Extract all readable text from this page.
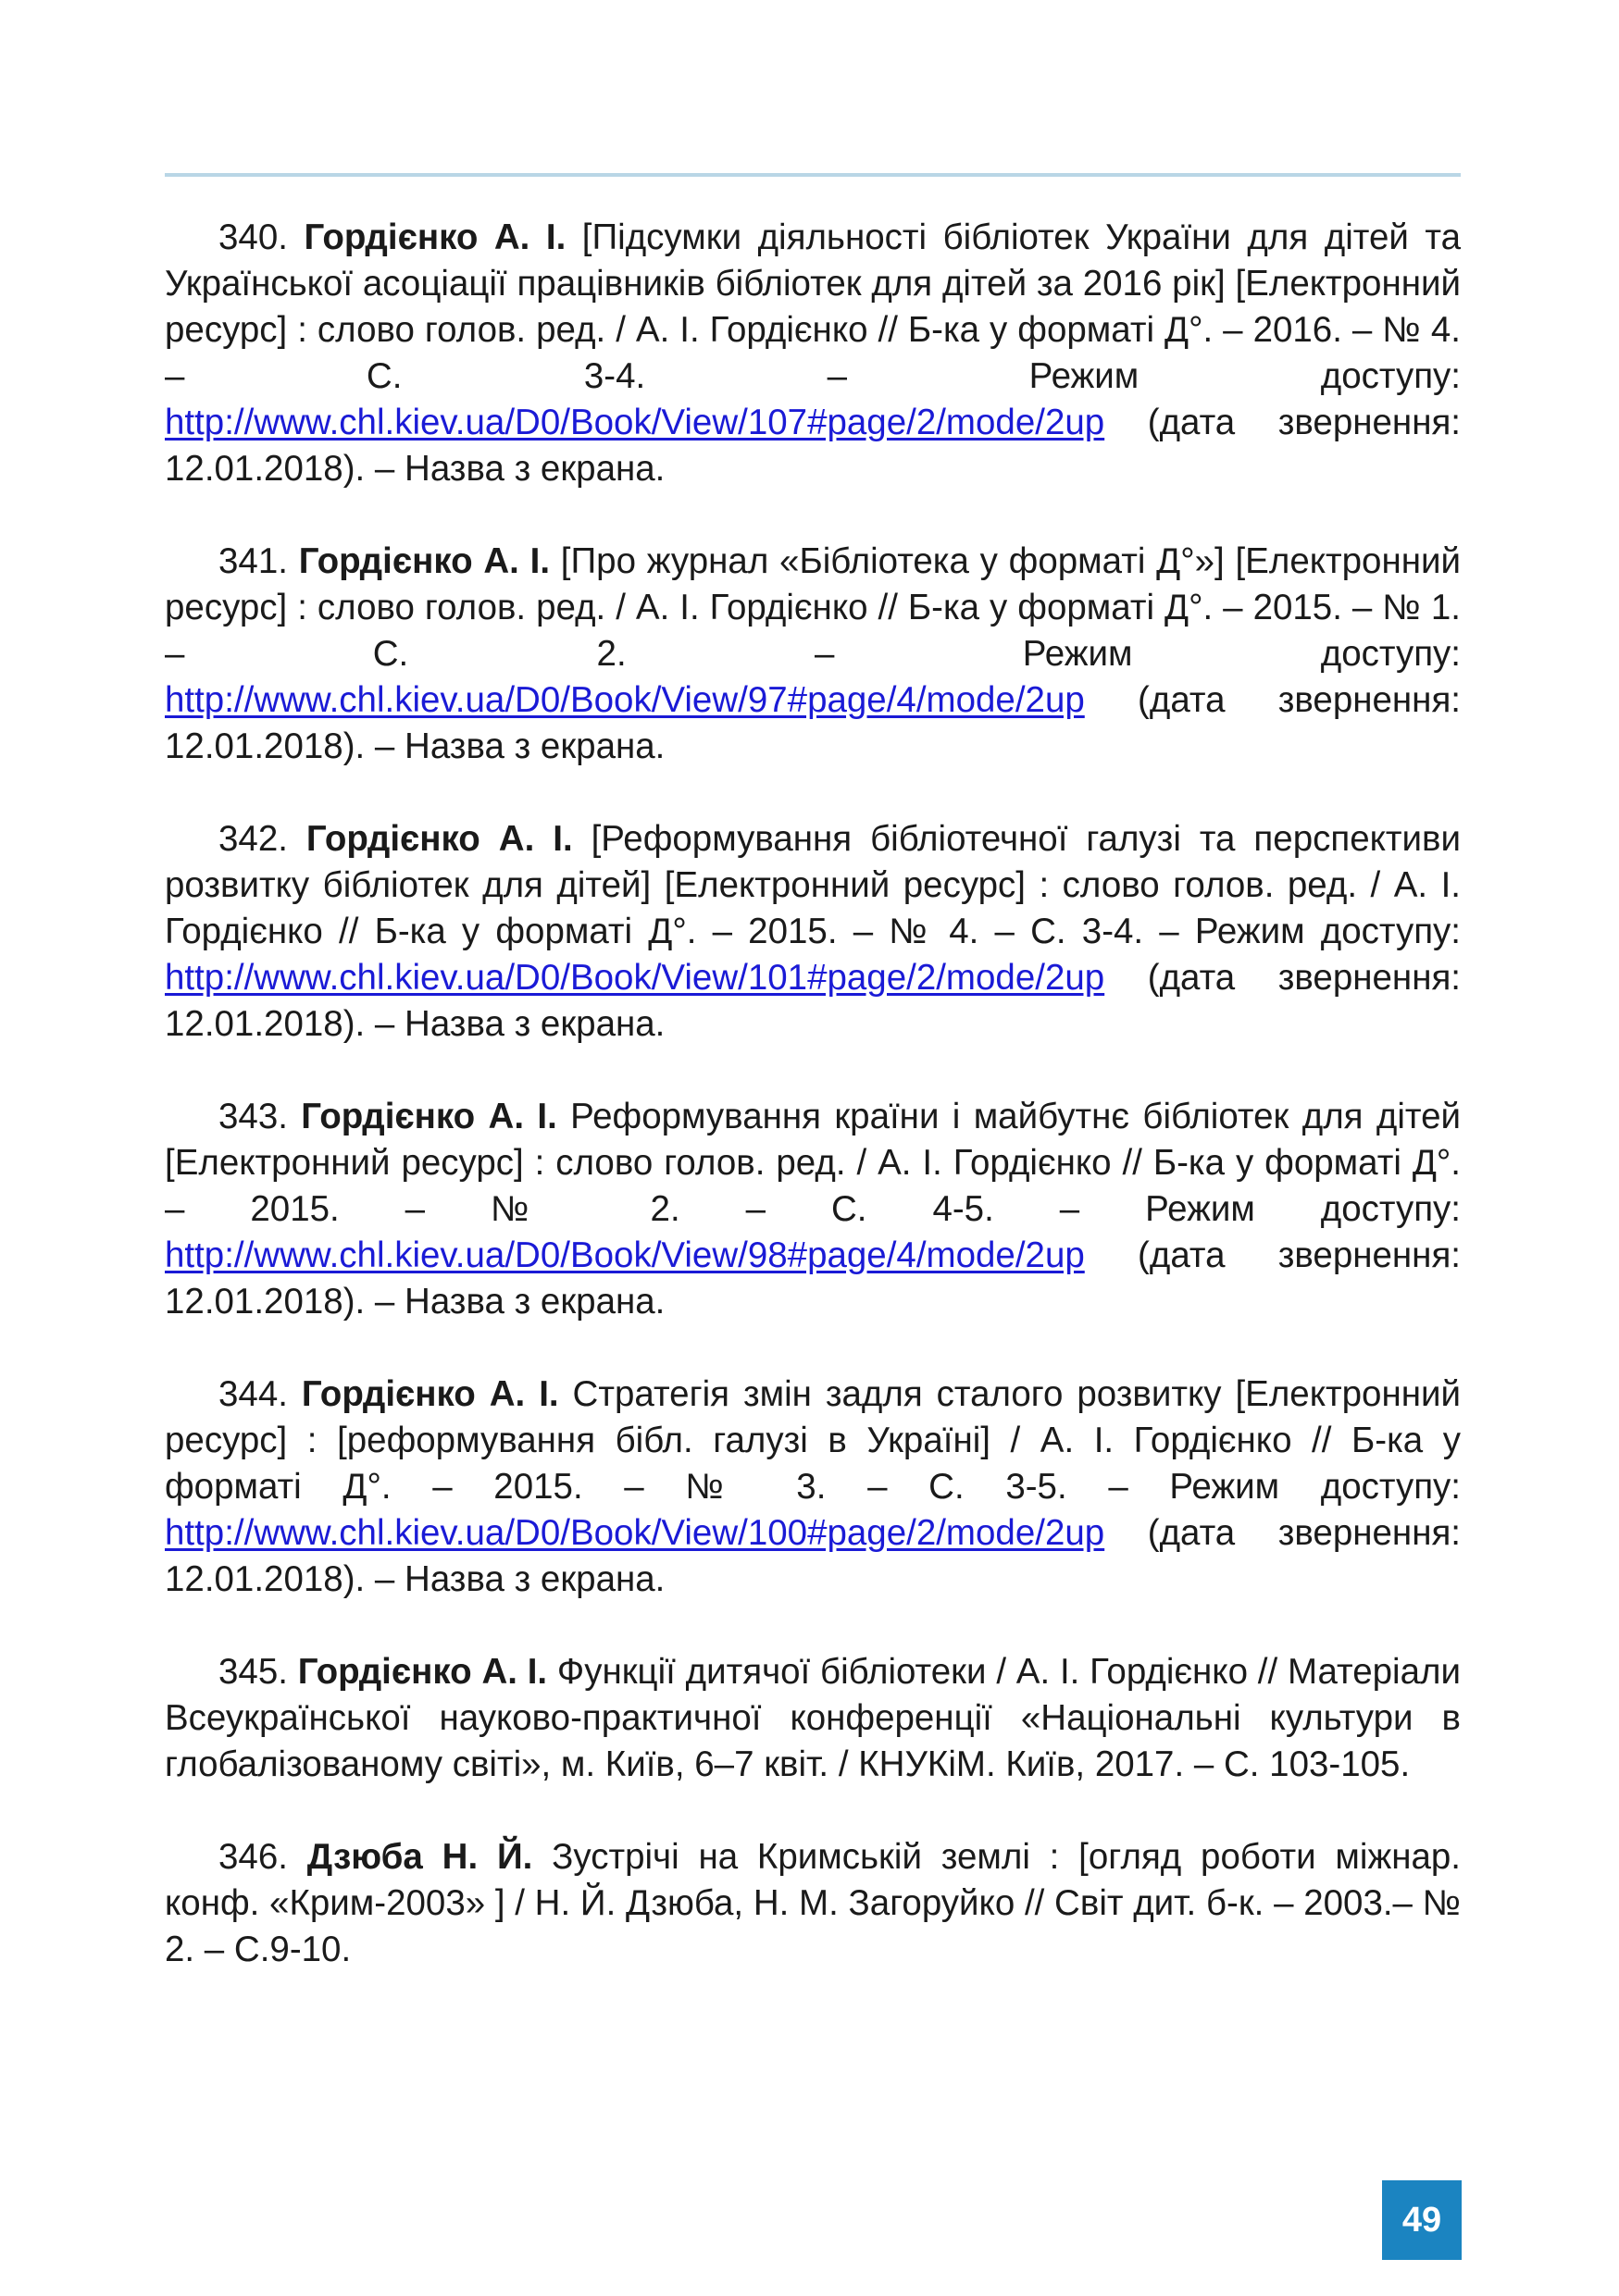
340. Гордієнко А. І. [Підсумки діяльності бібліотек України для дітей та Української асоціації працівників бібліотек для дітей за 2016 рік] [Електронний ресурс] : слово голов. ред. / А. І. Гордієнко // Б-ка у форматі Д°. – 2016. – № 4. – С. 3-4. – Режим доступу: http://www.chl.kiev.ua/D0/Book/View/107#page/2/mode/2up (дата звернення: 12.01.2018). – Назва з екрана.

341. Гордієнко А. І. [Про журнал «Бібліотека у форматі Д°»] [Електронний ресурс] : слово голов. ред. / А. І. Гордієнко // Б-ка у форматі Д°. – 2015. – № 1. – С. 2. – Режим доступу: http://www.chl.kiev.ua/D0/Book/View/97#page/4/mode/2up (дата звернення: 12.01.2018). – Назва з екрана.

342. Гордієнко А. І. [Реформування бібліотечної галузі та перспективи розвитку бібліотек для дітей] [Електронний ресурс] : слово голов. ред. / А. І. Гордієнко // Б-ка у форматі Д°. – 2015. – № 4. – С. 3-4. – Режим доступу: http://www.chl.kiev.ua/D0/Book/View/101#page/2/mode/2up (дата звернення: 12.01.2018). – Назва з екрана.

343. Гордієнко А. І. Реформування країни і майбутнє бібліотек для дітей [Електронний ресурс] : слово голов. ред. / А. І. Гордієнко // Б-ка у форматі Д°. – 2015. – № 2. – С. 4-5. – Режим доступу: http://www.chl.kiev.ua/D0/Book/View/98#page/4/mode/2up (дата звернення: 12.01.2018). – Назва з екрана.

344. Гордієнко А. І. Стратегія змін задля сталого розвитку [Електронний ресурс] : [реформування бібл. галузі в Україні] / А. І. Гордієнко // Б-ка у форматі Д°. – 2015. – № 3. – С. 3-5. – Режим доступу: http://www.chl.kiev.ua/D0/Book/View/100#page/2/mode/2up (дата звернення: 12.01.2018). – Назва з екрана.

345. Гордієнко А. І. Функції дитячої бібліотеки / А. І. Гордієнко // Матеріали Всеукраїнської науково-практичної конференції «Національні культури в глобалізованому світі», м. Київ, 6–7 квіт. / КНУКіМ. Київ, 2017. – С. 103-105.

346. Дзюба Н. Й. Зустрічі на Кримській землі : [огляд роботи міжнар. конф. «Крим-2003» ] / Н. Й. Дзюба, Н. М. Загоруйко // Світ дит. б-к. – 2003.– № 2. – С.9-10.

49
